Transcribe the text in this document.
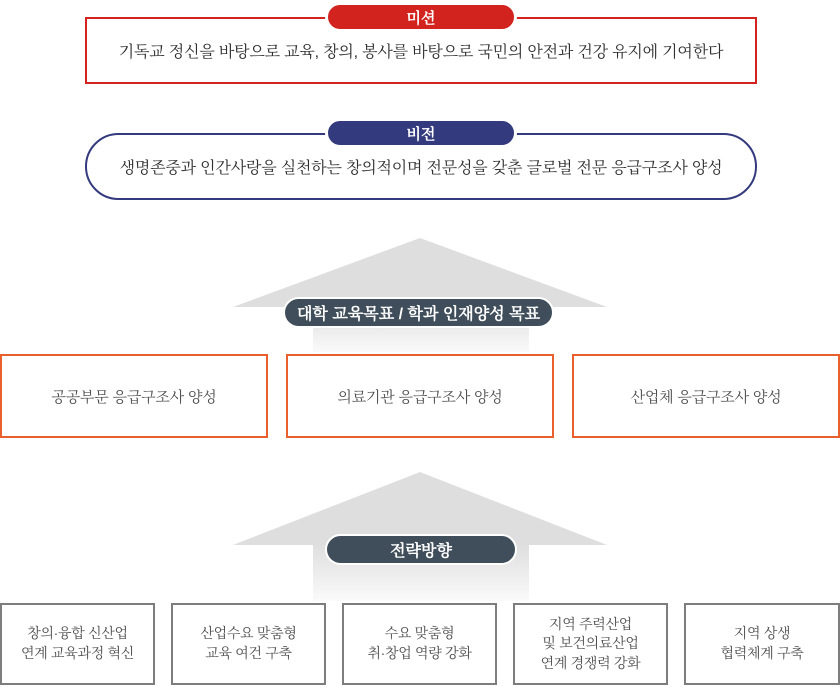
기독교 정신을 바탕으로 교육, 창의, 봉사를 바탕으로 국민의 안전과 건강 유지에 기여한다

미션

생명존중과 인간사랑을 실천하는 창의적이며 전문성을 갖춘 글로벌 전문 응급구조사 양성

비전
대학 교육목표 / 학과 인재양성 목표
공공부문 응급구조사 양성	의료기관 응급구조사 양성	산업체 응급구조사 양성
전략방향
창의·융합 신산업
연계 교육과정 혁신
산업수요 맞춤형
교육 여건 구축
수요 맞춤형
취·창업 역량 강화
지역 주력산업
및 보건의료산업
연계 경쟁력 강화
지역 상생
협력체계 구축
